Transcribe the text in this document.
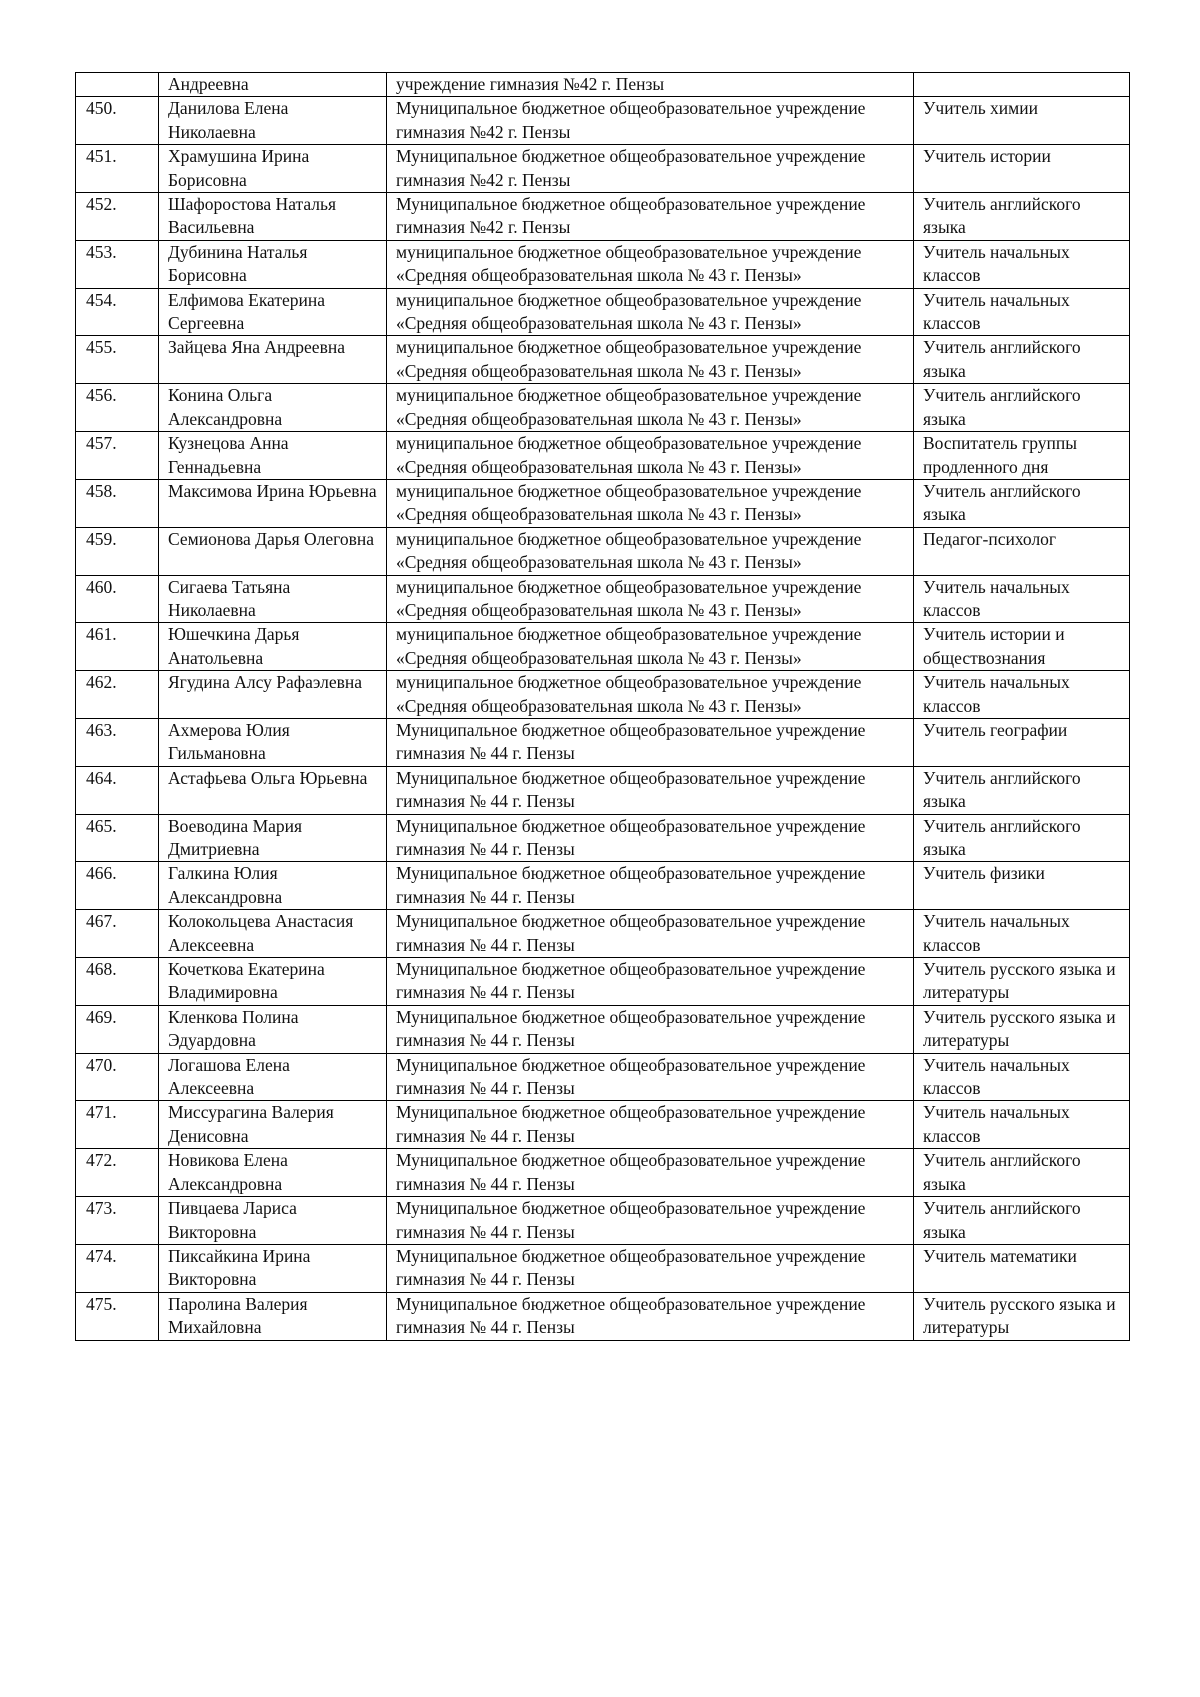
	Андреевна	учреждение гимназия №42 г. Пензы	
450.	Данилова Елена Николаевна	Муниципальное бюджетное общеобразовательное учреждение гимназия №42 г. Пензы	Учитель химии
451.	Храмушина Ирина Борисовна	Муниципальное бюджетное общеобразовательное учреждение гимназия №42 г. Пензы	Учитель истории
452.	Шафоростова Наталья Васильевна	Муниципальное бюджетное общеобразовательное учреждение гимназия №42 г. Пензы	Учитель английского языка
453.	Дубинина Наталья Борисовна	муниципальное бюджетное общеобразовательное учреждение «Средняя общеобразовательная школа № 43 г. Пензы»	Учитель начальных классов
454.	Елфимова Екатерина Сергеевна	муниципальное бюджетное общеобразовательное учреждение «Средняя общеобразовательная школа № 43 г. Пензы»	Учитель начальных классов
455.	Зайцева Яна Андреевна	муниципальное бюджетное общеобразовательное учреждение «Средняя общеобразовательная школа № 43 г. Пензы»	Учитель английского языка
456.	Конина Ольга Александровна	муниципальное бюджетное общеобразовательное учреждение «Средняя общеобразовательная школа № 43 г. Пензы»	Учитель английского языка
457.	Кузнецова Анна Геннадьевна	муниципальное бюджетное общеобразовательное учреждение «Средняя общеобразовательная школа № 43 г. Пензы»	Воспитатель группы продленного дня
458.	Максимова Ирина Юрьевна	муниципальное бюджетное общеобразовательное учреждение «Средняя общеобразовательная школа № 43 г. Пензы»	Учитель английского языка
459.	Семионова Дарья Олеговна	муниципальное бюджетное общеобразовательное учреждение «Средняя общеобразовательная школа № 43 г. Пензы»	Педагог-психолог
460.	Сигаева Татьяна Николаевна	муниципальное бюджетное общеобразовательное учреждение «Средняя общеобразовательная школа № 43 г. Пензы»	Учитель начальных классов
461.	Юшечкина Дарья Анатольевна	муниципальное бюджетное общеобразовательное учреждение «Средняя общеобразовательная школа № 43 г. Пензы»	Учитель истории и обществознания
462.	Ягудина Алсу Рафаэлевна	муниципальное бюджетное общеобразовательное учреждение «Средняя общеобразовательная школа № 43 г. Пензы»	Учитель начальных классов
463.	Ахмерова Юлия Гильмановна	Муниципальное бюджетное общеобразовательное учреждение гимназия № 44 г. Пензы	Учитель географии
464.	Астафьева Ольга Юрьевна	Муниципальное бюджетное общеобразовательное учреждение гимназия № 44 г. Пензы	Учитель английского языка
465.	Воеводина Мария Дмитриевна	Муниципальное бюджетное общеобразовательное учреждение гимназия № 44 г. Пензы	Учитель английского языка
466.	Галкина Юлия Александровна	Муниципальное бюджетное общеобразовательное учреждение гимназия № 44 г. Пензы	Учитель физики
467.	Колокольцева Анастасия Алексеевна	Муниципальное бюджетное общеобразовательное учреждение гимназия № 44 г. Пензы	Учитель начальных классов
468.	Кочеткова Екатерина Владимировна	Муниципальное бюджетное общеобразовательное учреждение гимназия № 44 г. Пензы	Учитель русского языка и литературы
469.	Кленкова Полина Эдуардовна	Муниципальное бюджетное общеобразовательное учреждение гимназия № 44 г. Пензы	Учитель русского языка и литературы
470.	Логашова Елена Алексеевна	Муниципальное бюджетное общеобразовательное учреждение гимназия № 44 г. Пензы	Учитель начальных классов
471.	Миссурагина Валерия Денисовна	Муниципальное бюджетное общеобразовательное учреждение гимназия № 44 г. Пензы	Учитель начальных классов
472.	Новикова Елена Александровна	Муниципальное бюджетное общеобразовательное учреждение гимназия № 44 г. Пензы	Учитель английского языка
473.	Пивцаева Лариса Викторовна	Муниципальное бюджетное общеобразовательное учреждение гимназия № 44 г. Пензы	Учитель английского языка
474.	Пиксайкина Ирина Викторовна	Муниципальное бюджетное общеобразовательное учреждение гимназия № 44 г. Пензы	Учитель математики
475.	Паролина Валерия Михайловна	Муниципальное бюджетное общеобразовательное учреждение гимназия № 44 г. Пензы	Учитель русского языка и литературы
